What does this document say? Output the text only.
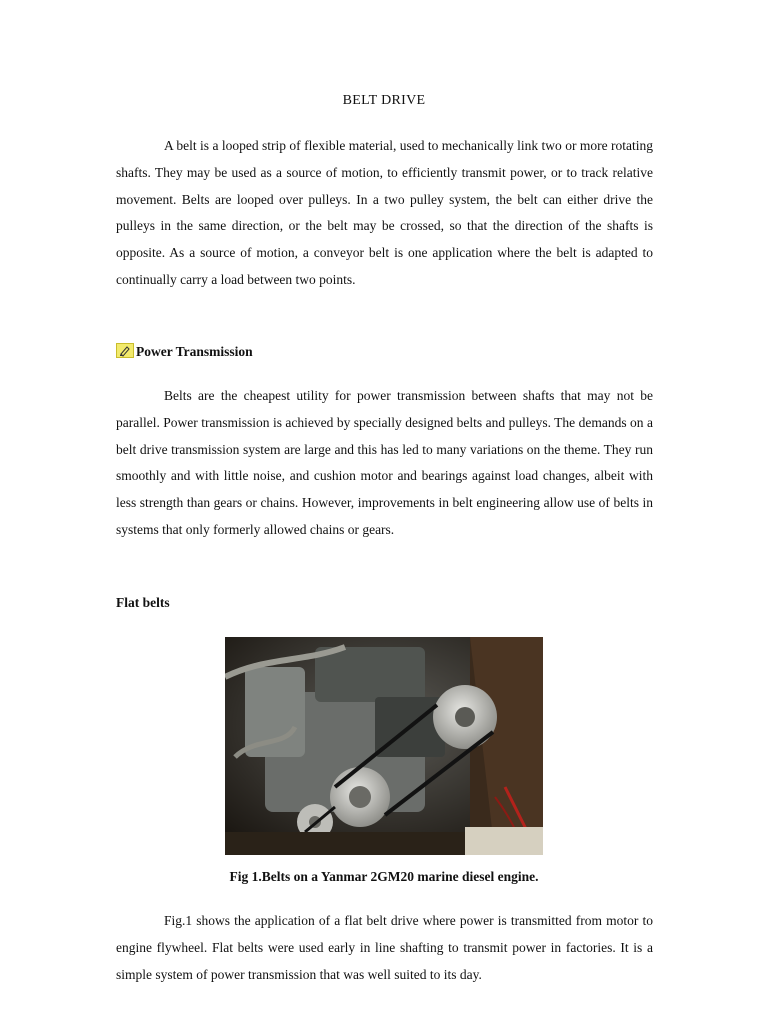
BELT DRIVE

A belt is a looped strip of flexible material, used to mechanically link two or more rotating shafts. They may be used as a source of motion, to efficiently transmit power, or to track relative movement. Belts are looped over pulleys. In a two pulley system, the belt can either drive the pulleys in the same direction, or the belt may be crossed, so that the direction of the shafts is opposite. As a source of motion, a conveyor belt is one application where the belt is adapted to continually carry a load between two points.

Power Transmission

Belts are the cheapest utility for power transmission between shafts that may not be parallel. Power transmission is achieved by specially designed belts and pulleys. The demands on a belt drive transmission system are large and this has led to many variations on the theme. They run smoothly and with little noise, and cushion motor and bearings against load changes, albeit with less strength than gears or chains. However, improvements in belt engineering allow use of belts in systems that only formerly allowed chains or gears.

Flat belts
Fig 1.Belts on a Yanmar 2GM20 marine diesel engine.

Fig.1 shows the application of a flat belt drive where power is transmitted from motor to engine flywheel. Flat belts were used early in line shafting to transmit power in factories. It is a simple system of power transmission that was well suited to its day.
